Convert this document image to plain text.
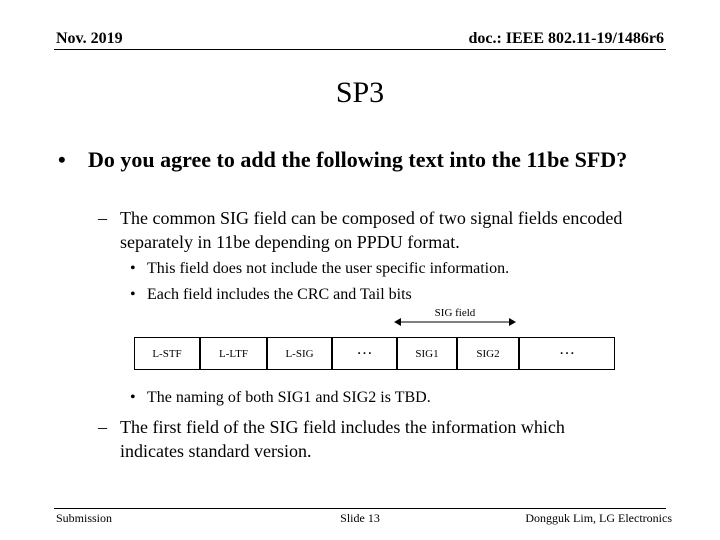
Nov. 2019	doc.: IEEE 802.11-19/1486r6
SP3
• Do you agree to add the following text into the 11be SFD?
– The common SIG field can be composed of two signal fields encoded separately in 11be depending on PPDU format.
• This field does not include the user specific information.
• Each field includes the CRC and Tail bits
SIG field
L-STF	L-LTF	L-SIG	…	SIG1	SIG2	…
• The naming of both SIG1 and SIG2 is TBD.
– The first field of the SIG field includes the information which indicates standard version.
Submission	Slide 13	Dongguk Lim, LG Electronics
